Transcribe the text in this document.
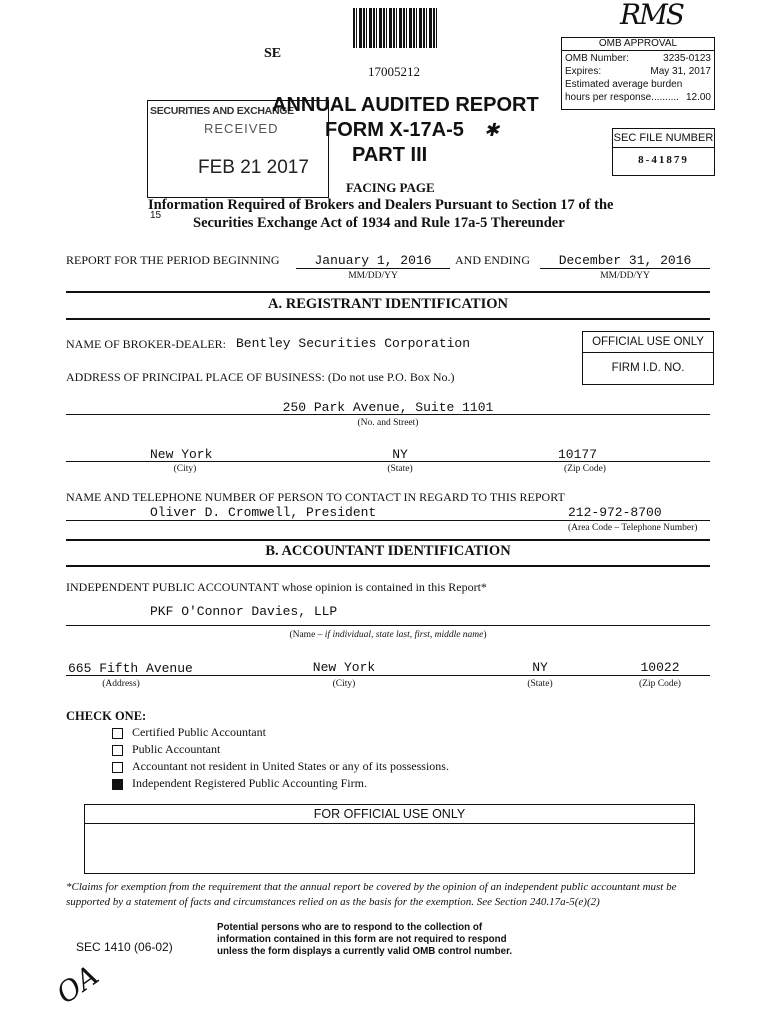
SE
17005212
RMS
OMB APPROVAL
OMB Number:	3235-0123
Expires:	May 31, 2017
Estimated average burden
hours per response.......... 12.00
SEC FILE NUMBER
8-41879
SECURITIES AND EXCHANGE
RECEIVED
FEB 21 2017
15
ANNUAL AUDITED REPORT
FORM X-17A-5 ✱
PART III
FACING PAGE
Information Required of Brokers and Dealers Pursuant to Section 17 of the
Securities Exchange Act of 1934 and Rule 17a-5 Thereunder
REPORT FOR THE PERIOD BEGINNING	January 1, 2016
MM/DD/YY
AND ENDING	December 31, 2016
MM/DD/YY
A. REGISTRANT IDENTIFICATION
NAME OF BROKER-DEALER: Bentley Securities Corporation	OFFICIAL USE ONLY
FIRM I.D. NO.
ADDRESS OF PRINCIPAL PLACE OF BUSINESS: (Do not use P.O. Box No.)
250 Park Avenue, Suite 1101
(No. and Street)
New York	NY	10177
(City)	(State)	(Zip Code)
NAME AND TELEPHONE NUMBER OF PERSON TO CONTACT IN REGARD TO THIS REPORT
Oliver D. Cromwell, President	212-972-8700
(Area Code – Telephone Number)
B. ACCOUNTANT IDENTIFICATION
INDEPENDENT PUBLIC ACCOUNTANT whose opinion is contained in this Report*
PKF O'Connor Davies, LLP
(Name – if individual, state last, first, middle name)
665 Fifth Avenue	New York	NY	10022
(Address)	(City)	(State)	(Zip Code)
CHECK ONE:
Certified Public Accountant
Public Accountant
Accountant not resident in United States or any of its possessions.
Independent Registered Public Accounting Firm.
FOR OFFICIAL USE ONLY
*Claims for exemption from the requirement that the annual report be covered by the opinion of an independent public accountant must be supported by a statement of facts and circumstances relied on as the basis for the exemption. See Section 240.17a-5(e)(2)
SEC 1410 (06-02)
Potential persons who are to respond to the collection of
information contained in this form are not required to respond
unless the form displays a currently valid OMB control number.
OA
